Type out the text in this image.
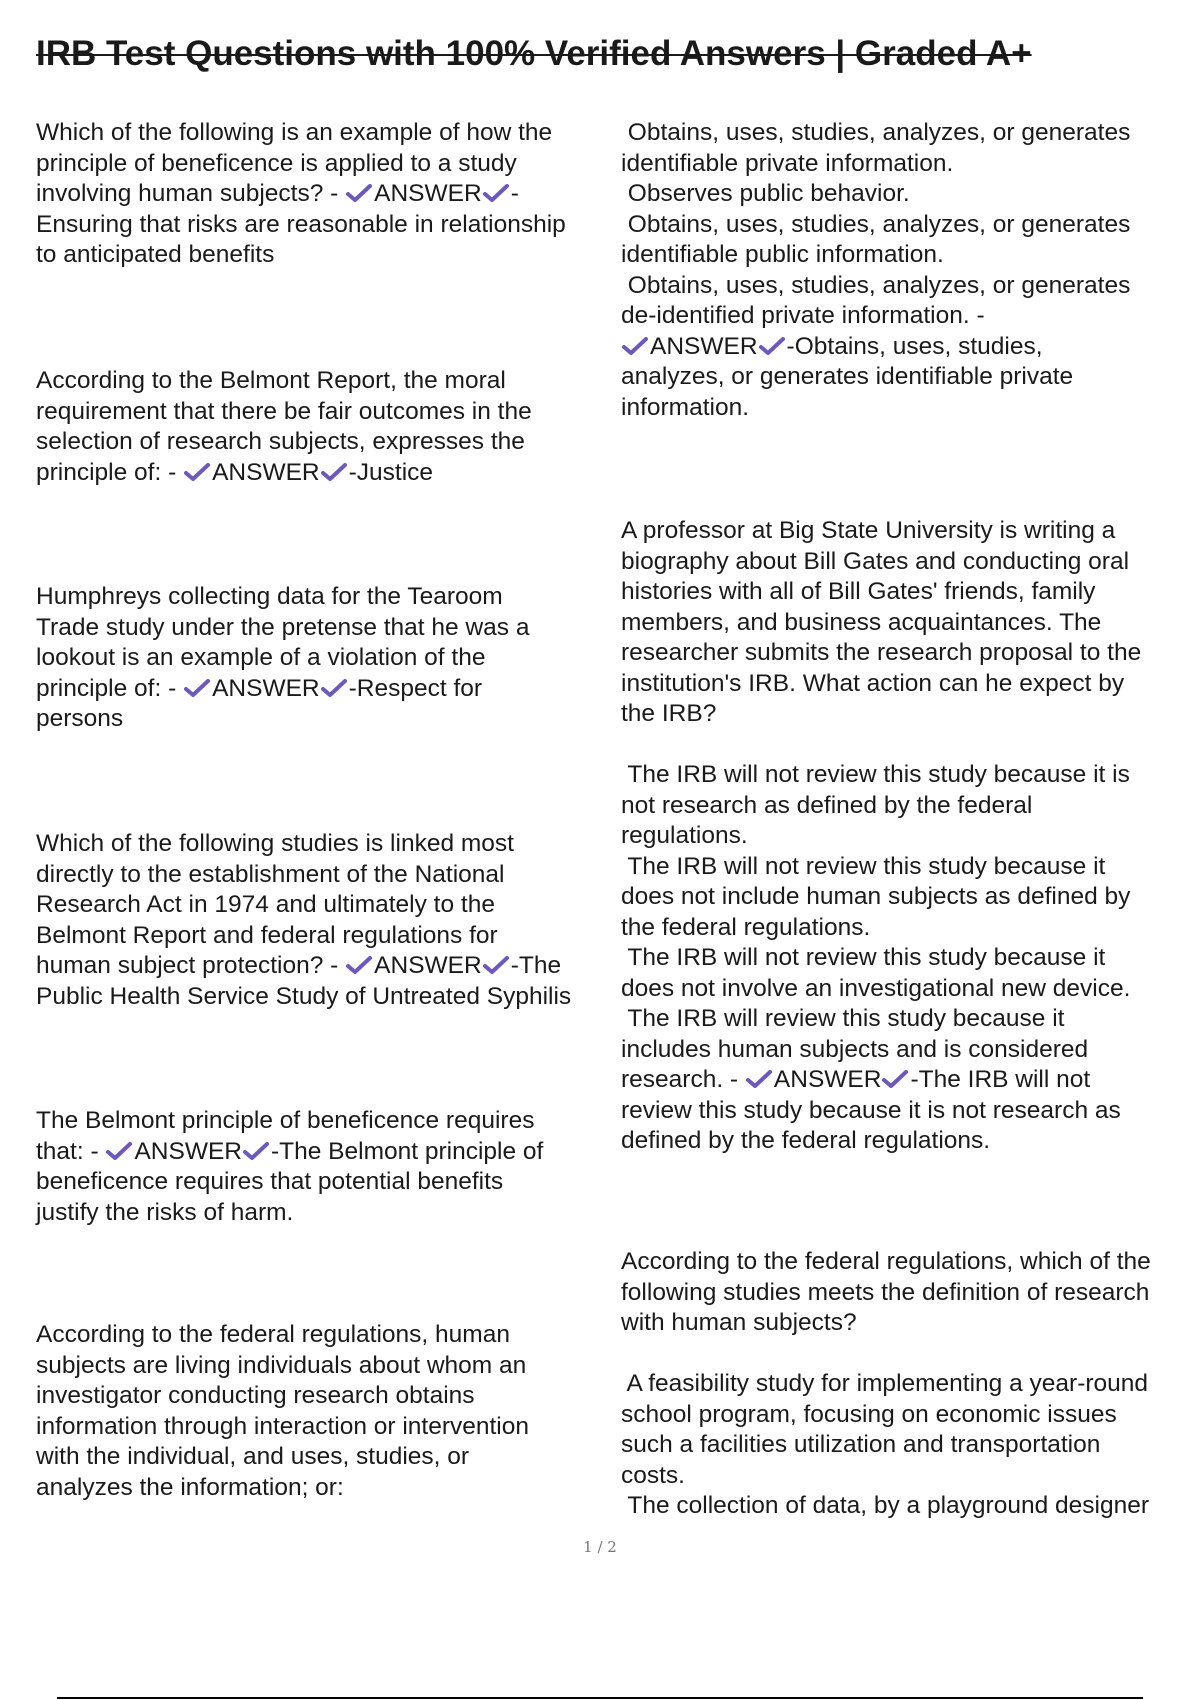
IRB Test Questions with 100% Verified Answers | Graded A+

Which of the following is an example of how the

principle of beneficence is applied to a study

involving human subjects? -
ANSWER -

Ensuring that risks are reasonable in relationship

to anticipated benefits

According to the Belmont Report, the moral

requirement that there be fair outcomes in the

selection of research subjects, expresses the

principle of: -
ANSWER -Justice

Humphreys collecting data for the Tearoom

Trade study under the pretense that he was a

lookout is an example of a violation of the

principle of: -
ANSWER -Respect for

persons

Which of the following studies is linked most

directly to the establishment of the National

Research Act in 1974 and ultimately to the

Belmont Report and federal regulations for

human subject protection? -
ANSWER -The

Public Health Service Study of Untreated Syphilis

The Belmont principle of beneficence requires

that: -
ANSWER -The Belmont principle of

beneficence requires that potential benefits

justify the risks of harm.

According to the federal regulations, human

subjects are living individuals about whom an

investigator conducting research obtains

information through interaction or intervention

with the individual, and uses, studies, or

analyzes the information; or:

Obtains, uses, studies, analyzes, or generates

identifiable private information.

Observes public behavior.

Obtains, uses, studies, analyzes, or generates

identifiable public information.

Obtains, uses, studies, analyzes, or generates

de-identified private information. -

ANSWER -Obtains, uses, studies,

analyzes, or generates identifiable private

information.

A professor at Big State University is writing a

biography about Bill Gates and conducting oral

histories with all of Bill Gates' friends, family

members, and business acquaintances. The

researcher submits the research proposal to the

institution's IRB. What action can he expect by

the IRB?

The IRB will not review this study because it is

not research as defined by the federal

regulations.

The IRB will not review this study because it

does not include human subjects as defined by

the federal regulations.

The IRB will not review this study because it

does not involve an investigational new device.

The IRB will review this study because it

includes human subjects and is considered

research. -
ANSWER -The IRB will not

review this study because it is not research as

defined by the federal regulations.

According to the federal regulations, which of the

following studies meets the definition of research

with human subjects?

A feasibility study for implementing a year-round

school program, focusing on economic issues

such a facilities utilization and transportation

costs.

The collection of data, by a playground designer

1 / 2
